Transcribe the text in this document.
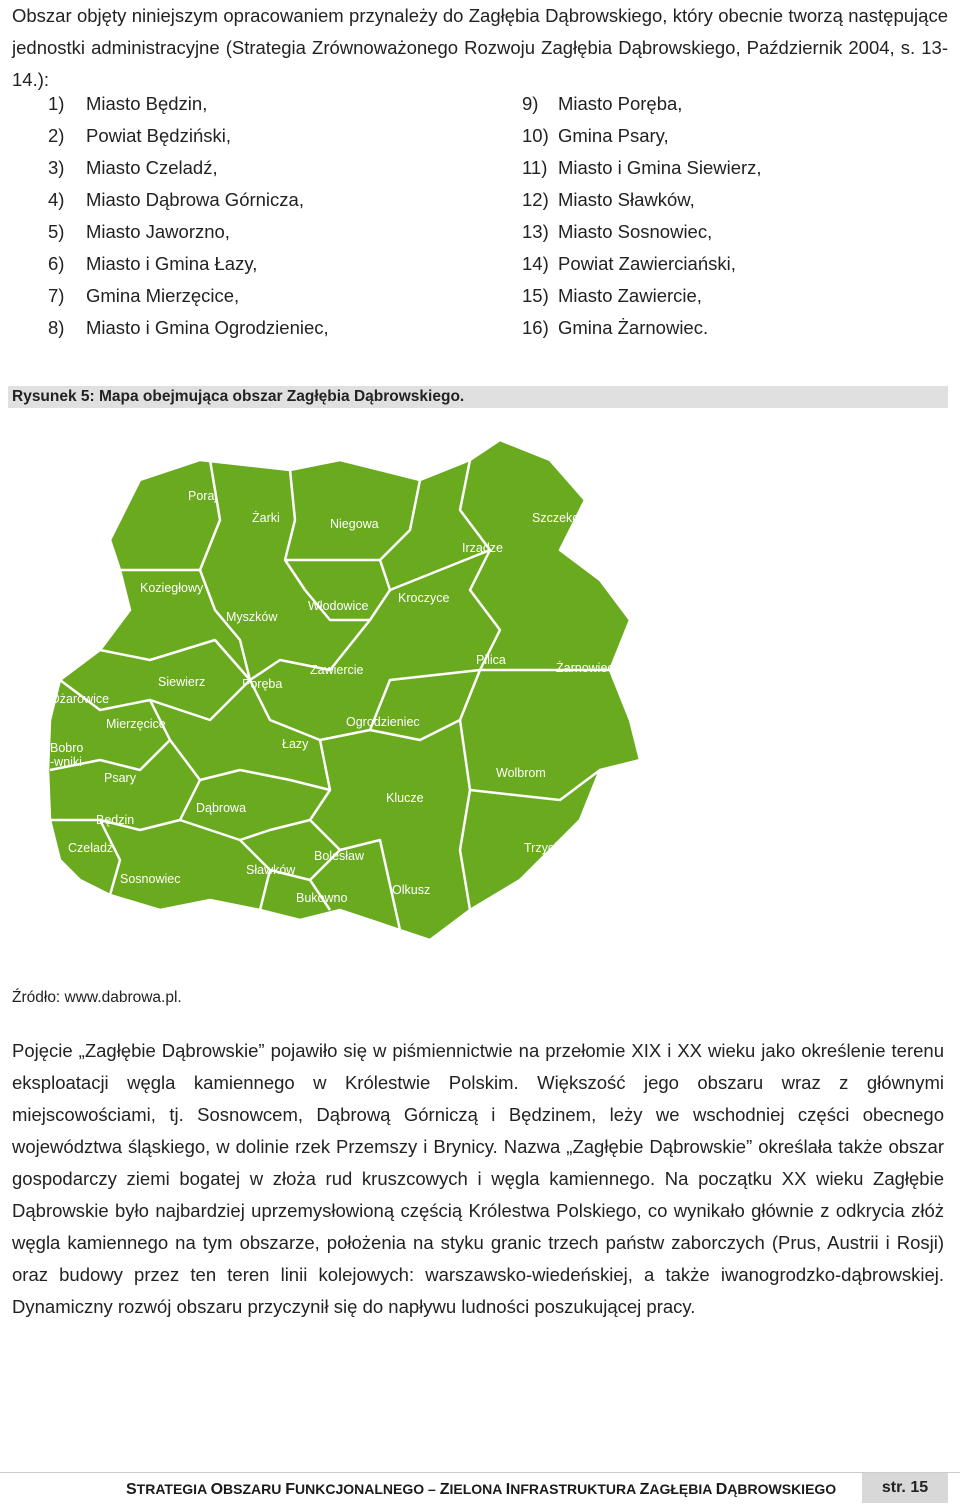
Obszar objęty niniejszym opracowaniem przynależy do Zagłębia Dąbrowskiego, który obecnie tworzą następujące jednostki administracyjne (Strategia Zrównoważonego Rozwoju Zagłębia Dąbrowskiego, Październik 2004, s. 13-14.):
1) Miasto Będzin,
2) Powiat Będziński,
3) Miasto Czeladź,
4) Miasto Dąbrowa Górnicza,
5) Miasto Jaworzno,
6) Miasto i Gmina Łazy,
7) Gmina Mierzęcice,
8) Miasto i Gmina Ogrodzieniec,
9) Miasto Poręba,
10) Gmina Psary,
11) Miasto i Gmina Siewierz,
12) Miasto Sławków,
13) Miasto Sosnowiec,
14) Powiat Zawierciański,
15) Miasto Zawiercie,
16) Gmina Żarnowiec.
Rysunek 5: Mapa obejmująca obszar Zagłębia Dąbrowskiego.
Poraj
Żarki	Niegowa	Szczekociny
Irządze
Koziegłowy
Myszków
Włodowice
Kroczyce
Zawiercie
Pilica
Żarnowiec
Siewierz	Poręba
Ożarowice
Mierzęcice	Ogrodzieniec
Łazy
Bobro -wniki
Wolbrom
Psary
Dąbrowa
Będzin
Trzyciąż
Czeladź
Bolesław
Sławków
Sosnowiec
Olkusz
Bukowno
Klucze
Źródło: www.dabrowa.pl.
Pojęcie „Zagłębie Dąbrowskie” pojawiło się w piśmiennictwie na przełomie XIX i XX wieku jako określenie terenu eksploatacji węgla kamiennego w Królestwie Polskim. Większość jego obszaru wraz z głównymi miejscowościami, tj. Sosnowcem, Dąbrową Górniczą i Będzinem, leży we wschodniej części obecnego województwa śląskiego, w dolinie rzek Przemszy i Brynicy. Nazwa „Zagłębie Dąbrowskie” określała także obszar gospodarczy ziemi bogatej w złoża rud kruszcowych i węgla kamiennego. Na początku XX wieku Zagłębie Dąbrowskie było najbardziej uprzemysłowioną częścią Królestwa Polskiego, co wynikało głównie z odkrycia złóż węgla kamiennego na tym obszarze, położenia na styku granic trzech państw zaborczych (Prus, Austrii i Rosji) oraz budowy przez ten teren linii kolejowych: warszawsko-wiedeńskiej, a także iwanogrodzko-dąbrowskiej. Dynamiczny rozwój obszaru przyczynił się do napływu ludności poszukującej pracy.
STRATEGIA OBSZARU FUNKCJONALNEGO – ZIELONA INFRASTRUKTURA ZAGŁĘBIA DĄBROWSKIEGO	str. 15
